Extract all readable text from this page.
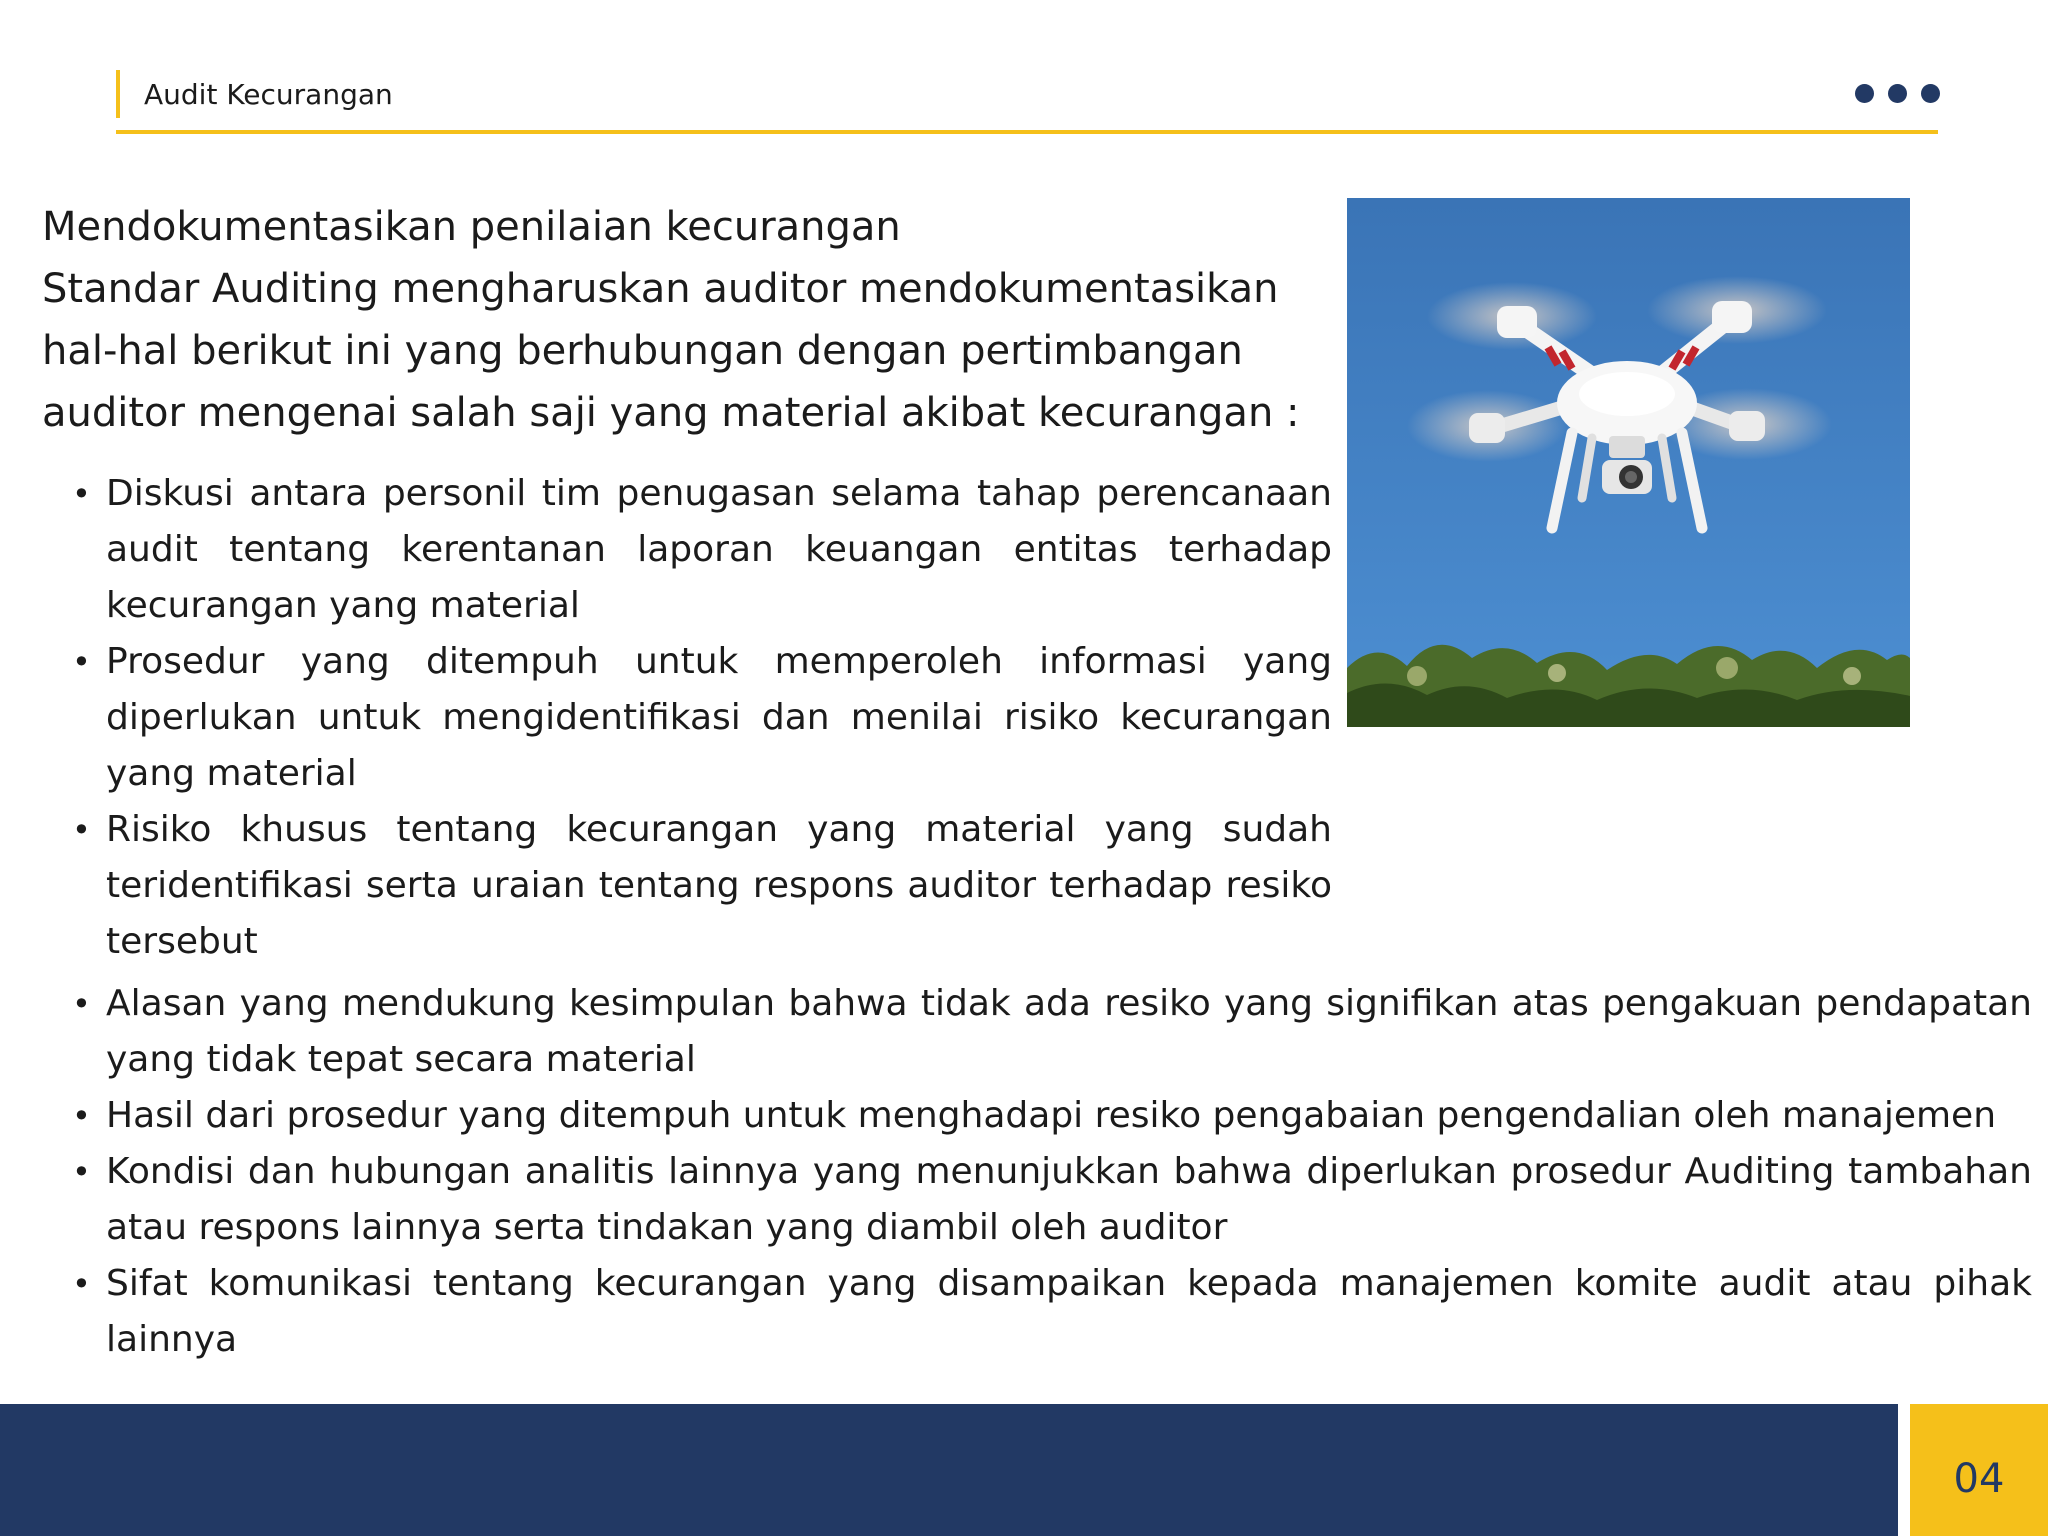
Audit Kecurangan

Mendokumentasikan penilaian kecurangan

Standar Auditing mengharuskan auditor mendokumentasikan hal-hal berikut ini yang berhubungan dengan pertimbangan auditor mengenai salah saji yang material akibat kecurangan :

• Diskusi antara personil tim penugasan selama tahap perencanaan audit tentang kerentanan laporan keuangan entitas terhadap kecurangan yang material
• Prosedur yang ditempuh untuk memperoleh informasi yang diperlukan untuk mengidentifikasi dan menilai risiko kecurangan yang material
• Risiko khusus tentang kecurangan yang material yang sudah teridentifikasi serta uraian tentang respons auditor terhadap resiko tersebut
• Alasan yang mendukung kesimpulan bahwa tidak ada resiko yang signifikan atas pengakuan pendapatan yang tidak tepat secara material
• Hasil dari prosedur yang ditempuh untuk menghadapi resiko pengabaian pengendalian oleh manajemen
• Kondisi dan hubungan analitis lainnya yang menunjukkan bahwa diperlukan prosedur Auditing tambahan atau respons lainnya serta tindakan yang diambil oleh auditor
• Sifat komunikasi tentang kecurangan yang disampaikan kepada manajemen komite audit atau pihak lainnya
04
